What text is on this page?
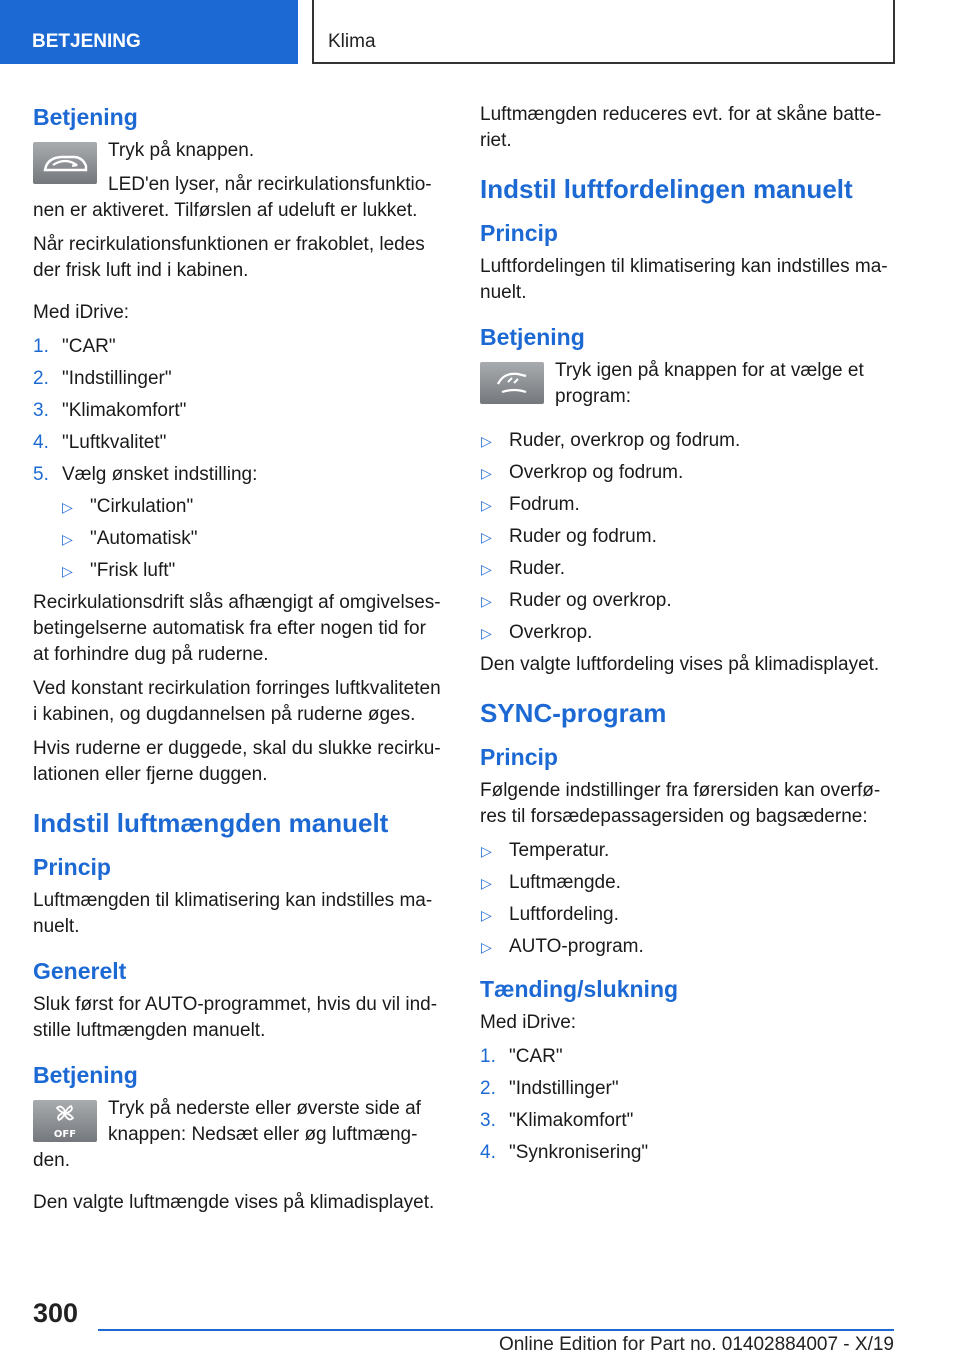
BETJENING	Klima
Betjening

Tryk på knappen.

LED'en lyser, når recirkulationsfunktio- nen er aktiveret. Tilførslen af udeluft er lukket.

Når recirkulationsfunktionen er frakoblet, ledes der frisk luft ind i kabinen.

Med iDrive:

1. "CAR"
2. "Indstillinger"
3. "Klimakomfort"
4. "Luftkvalitet"
5. Vælg ønsket indstilling:
▷ "Cirkulation"
▷ "Automatisk"
▷ "Frisk luft"

Recirkulationsdrift slås afhængigt af omgivelses- betingelserne automatisk fra efter nogen tid for at forhindre dug på ruderne.

Ved konstant recirkulation forringes luftkvaliteten i kabinen, og dugdannelsen på ruderne øges.

Hvis ruderne er duggede, skal du slukke recirku- lationen eller fjerne duggen.

Indstil luftmængden manuelt
Princip

Luftmængden til klimatisering kan indstilles ma- nuelt.

Generelt

Sluk først for AUTO-programmet, hvis du vil ind- stille luftmængden manuelt.

Betjening
OFF

Tryk på nederste eller øverste side af knappen: Nedsæt eller øg luftmæng- den.

Den valgte luftmængde vises på klimadisplayet.

Luftmængden reduceres evt. for at skåne batte- riet.

Indstil luftfordelingen manuelt
Princip

Luftfordelingen til klimatisering kan indstilles ma- nuelt.

Betjening

Tryk igen på knappen for at vælge et program:

▷ Ruder, overkrop og fodrum.
▷ Overkrop og fodrum.
▷ Fodrum.
▷ Ruder og fodrum.
▷ Ruder.
▷ Ruder og overkrop.
▷ Overkrop.

Den valgte luftfordeling vises på klimadisplayet.

SYNC-program
Princip

Følgende indstillinger fra førersiden kan overfø- res til forsædepassagersiden og bagsæderne:

▷ Temperatur.
▷ Luftmængde.
▷ Luftfordeling.
▷ AUTO-program.
Tænding/slukning

Med iDrive:

1. "CAR"
2. "Indstillinger"
3. "Klimakomfort"
4. "Synkronisering"
300
Online Edition for Part no. 01402884007 - X/19
